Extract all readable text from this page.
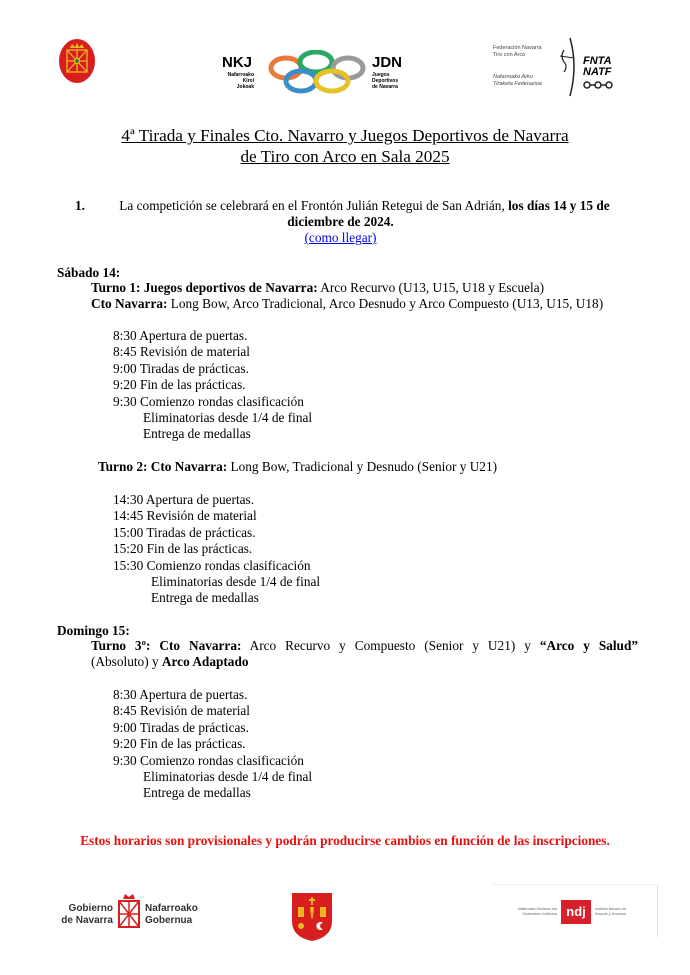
NKJ
Nafarroako
Kirol
Jokoak
JDN
Juegos
Deportivos
de Navarra
Federación Navarra
Tiro con Arco
Nafarroako Arku
Tiraketa Federazioa
FNTA
NATF
4ª Tirada y Finales Cto. Navarro y Juegos Deportivos de Navarra
de Tiro con Arco en Sala 2025
1.	La competición se celebrará en el Frontón Julián Retegui de San Adrián, los días 14 y 15 de
diciembre de 2024.
(como llegar)
Sábado 14:
Turno 1: Juegos deportivos de Navarra: Arco Recurvo (U13, U15, U18 y Escuela)
Cto Navarra: Long Bow, Arco Tradicional, Arco Desnudo y Arco Compuesto (U13, U15, U18)
8:30 Apertura de puertas.
8:45 Revisión de material
9:00 Tiradas de prácticas.
9:20 Fin de las prácticas.
9:30 Comienzo rondas clasificación
Eliminatorias desde 1/4 de final
Entrega de medallas
Turno 2: Cto Navarra: Long Bow, Tradicional y Desnudo (Senior y U21)
14:30 Apertura de puertas.
14:45 Revisión de material
15:00 Tiradas de prácticas.
15:20 Fin de las prácticas.
15:30 Comienzo rondas clasificación
Eliminatorias desde 1/4 de final
Entrega de medallas
Domingo 15:
Turno 3º: Cto Navarra: Arco Recurvo y Compuesto (Senior y U21) y “Arco y Salud”
(Absoluto) y Arco Adaptado
8:30 Apertura de puertas.
8:45 Revisión de material
9:00 Tiradas de prácticas.
9:20 Fin de las prácticas.
9:30 Comienzo rondas clasificación
Eliminatorias desde 1/4 de final
Entrega de medallas
Estos horarios son provisionales y podrán producirse cambios en función de las inscripciones.
Gobierno
de Navarra
Nafarroako
Gobernua
Nafarroako Kirolaren eta
Gazteriaren Institutua ndj	Instituto Navarro de
Deporte y Juventud
